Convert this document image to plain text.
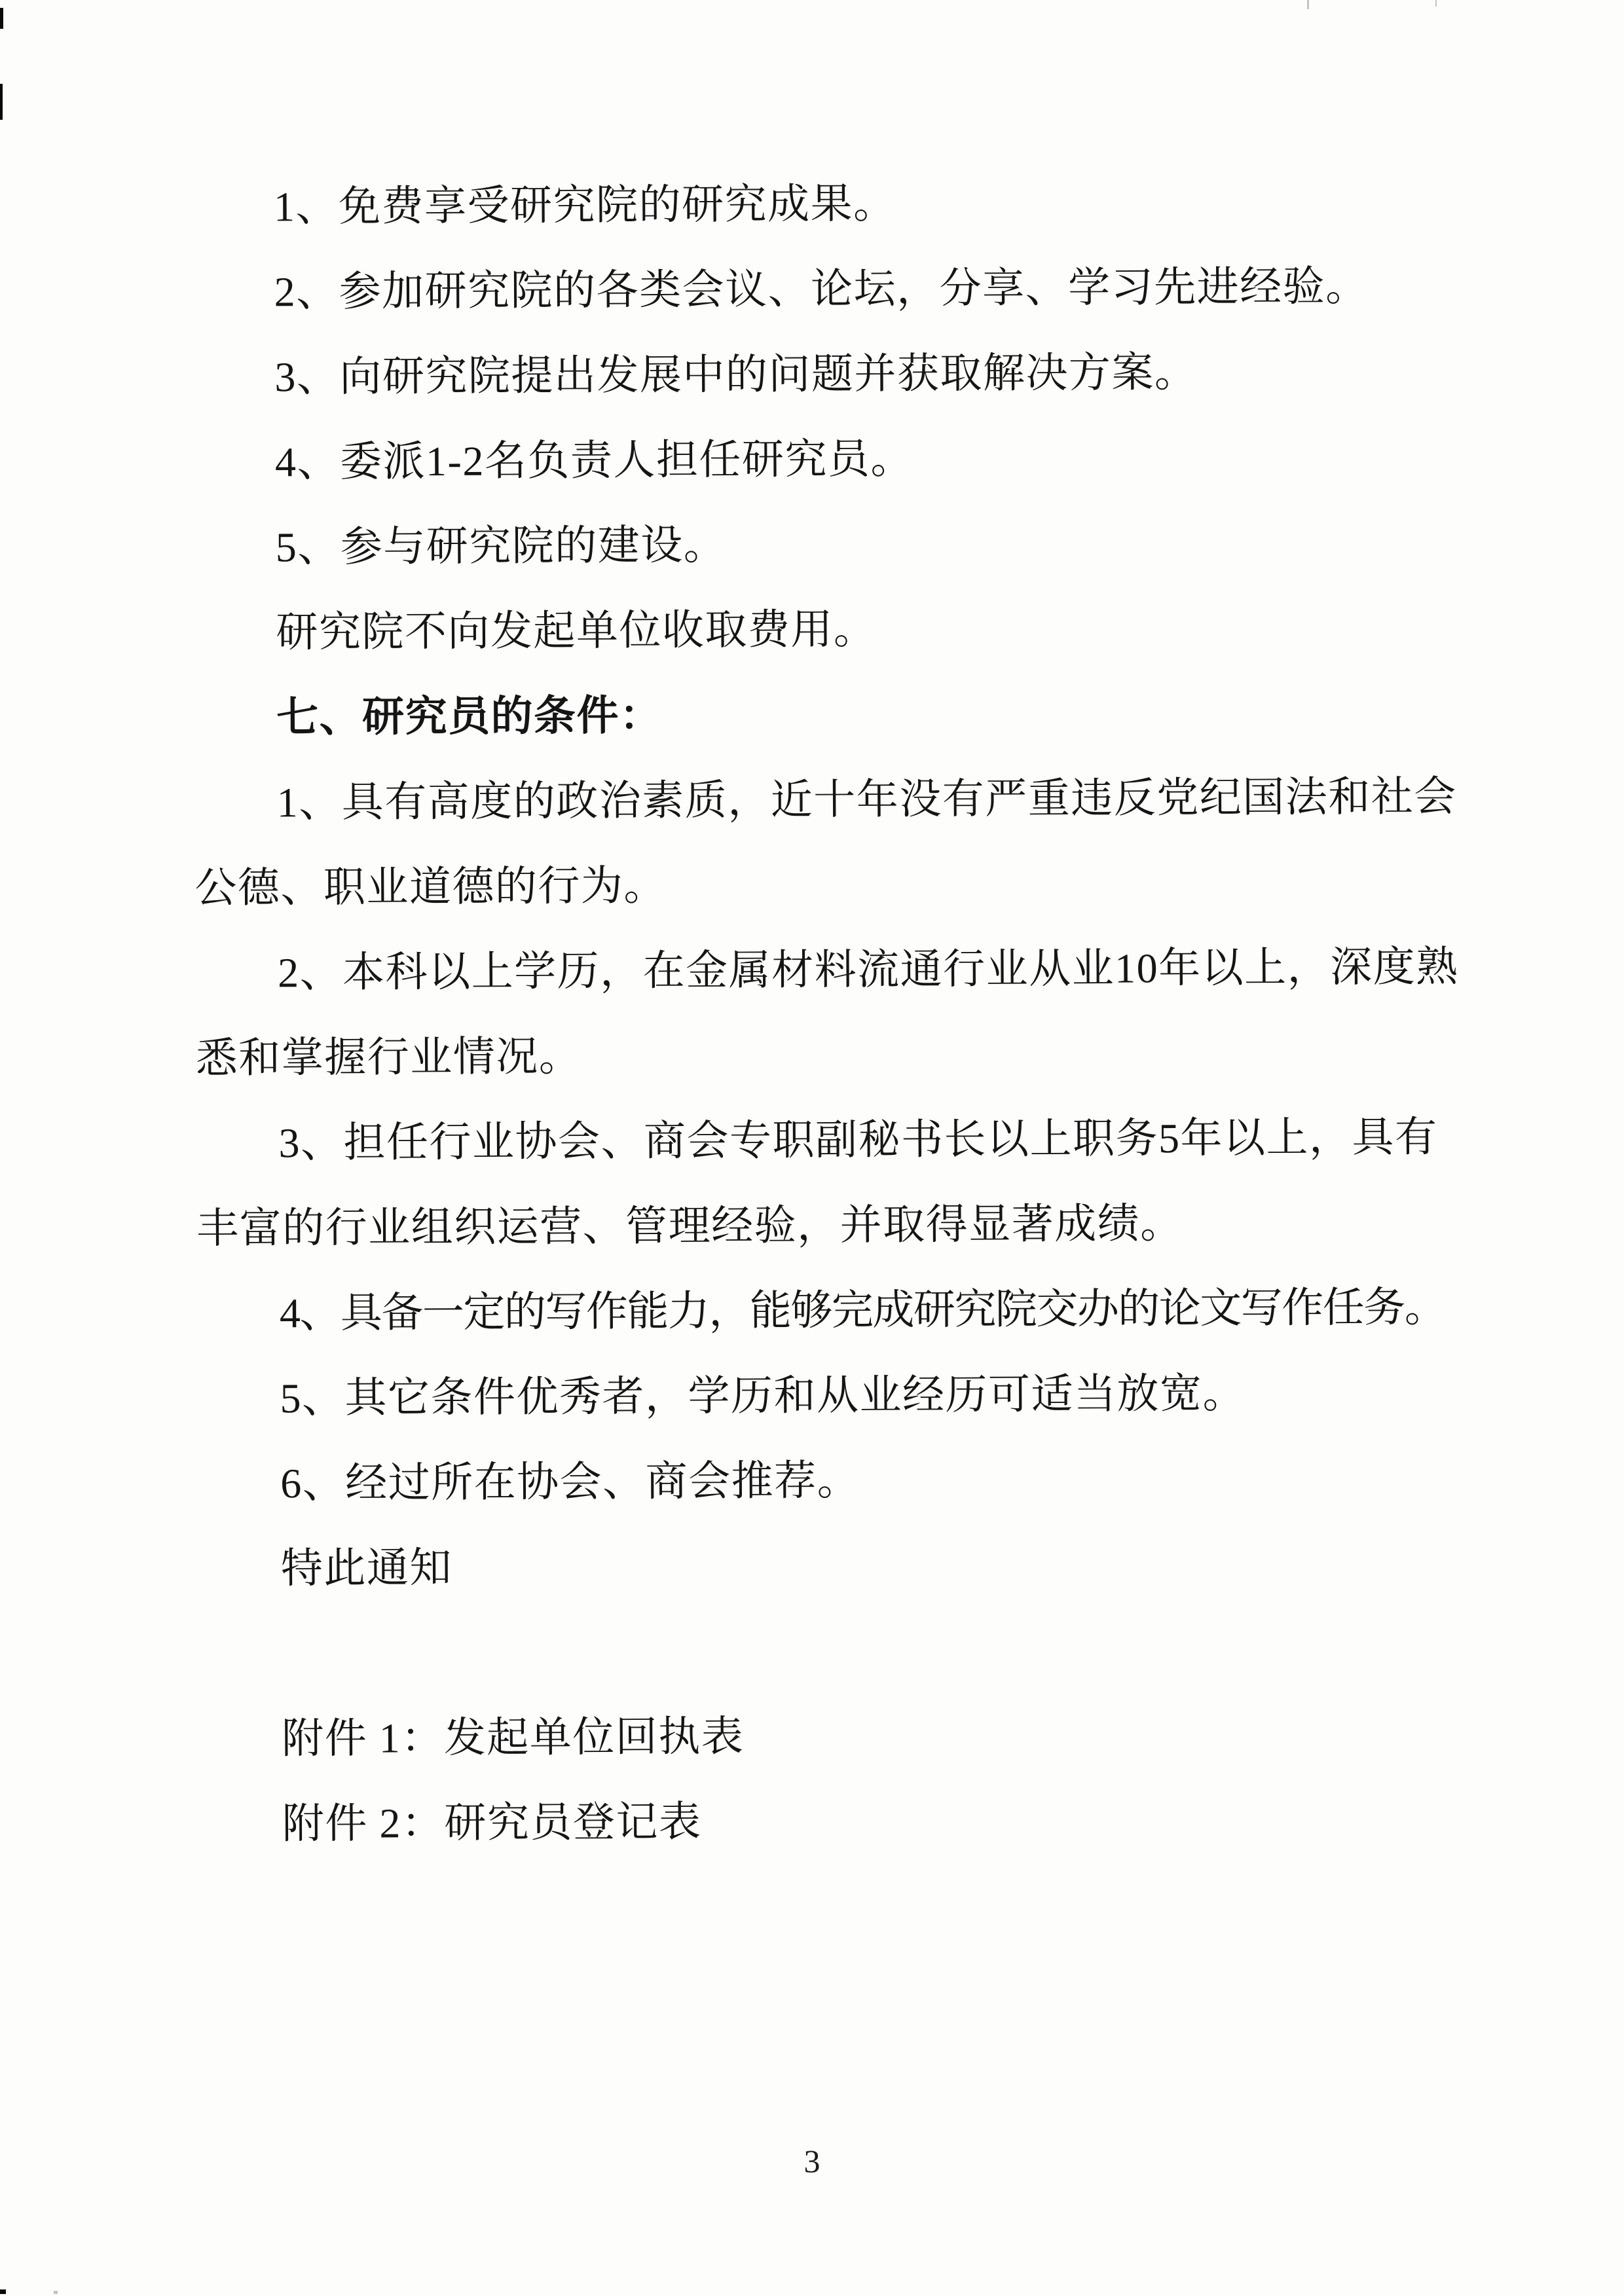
1、免费享受研究院的研究成果。
2、参加研究院的各类会议、论坛，分享、学习先进经验。
3、向研究院提出发展中的问题并获取解决方案。
4、委派1-2名负责人担任研究员。
5、参与研究院的建设。
研究院不向发起单位收取费用。
七、研究员的条件：
1、具有高度的政治素质，近十年没有严重违反党纪国法和社会
公德、职业道德的行为。
2、本科以上学历，在金属材料流通行业从业10年以上，深度熟
悉和掌握行业情况。
3、担任行业协会、商会专职副秘书长以上职务5年以上，具有
丰富的行业组织运营、管理经验，并取得显著成绩。
4、具备一定的写作能力，能够完成研究院交办的论文写作任务。
5、其它条件优秀者，学历和从业经历可适当放宽。
6、经过所在协会、商会推荐。
特此通知
附件 1：发起单位回执表
附件 2：研究员登记表
3
